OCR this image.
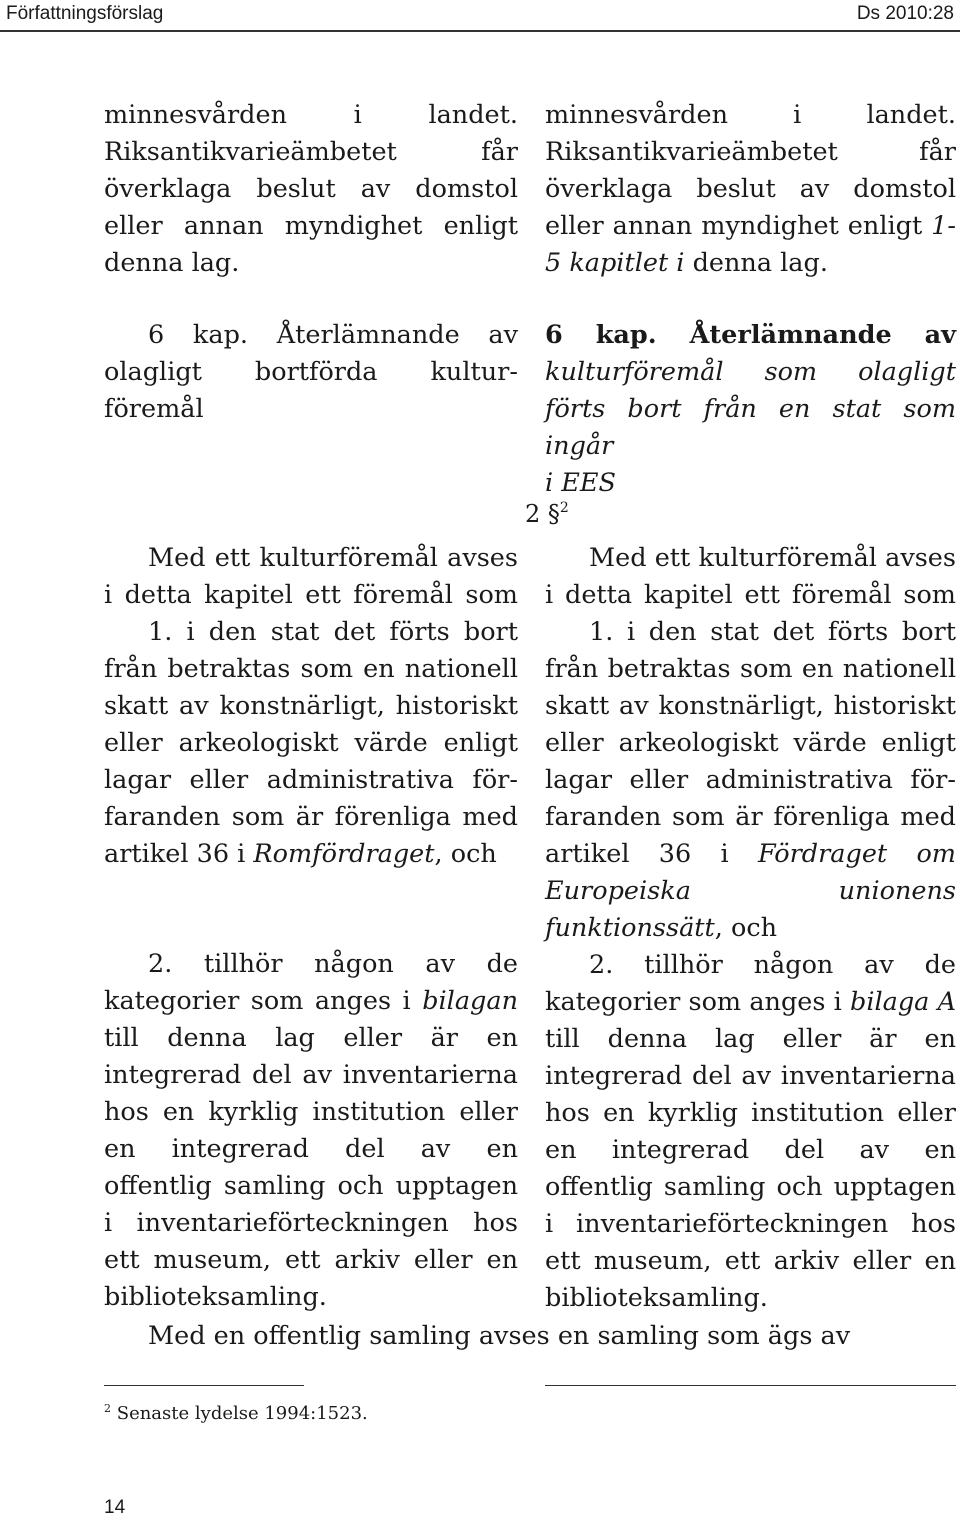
Författningsförslag	Ds 2010:28
minnesvården i landet.
Riksantikvarieämbetet får
överklaga beslut av domstol
eller annan myndighet enligt
denna lag.
6 kap. Återlämnande av
olagligt bortförda kultur-
föremål
Med ett kulturföremål avses
i detta kapitel ett föremål som
1. i den stat det förts bort
från betraktas som en nationell
skatt av konstnärligt, historiskt
eller arkeologiskt värde enligt
lagar eller administrativa för-
faranden som är förenliga med
artikel 36 i Romfördraget, och
2. tillhör någon av de
kategorier som anges i bilagan
till denna lag eller är en
integrerad del av inventarierna
hos en kyrklig institution eller
en integrerad del av en
offentlig samling och upptagen
i inventarieförteckningen hos
ett museum, ett arkiv eller en
biblioteksamling.
minnesvården i landet.
Riksantikvarieämbetet får
överklaga beslut av domstol
eller annan myndighet enligt 1-
5 kapitlet i denna lag.
6 kap. Återlämnande av
kulturföremål som olagligt
förts bort från en stat som ingår
i EES
2 §$^2$
Med ett kulturföremål avses
i detta kapitel ett föremål som
1. i den stat det förts bort
från betraktas som en nationell
skatt av konstnärligt, historiskt
eller arkeologiskt värde enligt
lagar eller administrativa för-
faranden som är förenliga med
artikel 36 i Fördraget om
Europeiska unionens
funktionssätt, och
2. tillhör någon av de
kategorier som anges i bilaga A
till denna lag eller är en
integrerad del av inventarierna
hos en kyrklig institution eller
en integrerad del av en
offentlig samling och upptagen
i inventarieförteckningen hos
ett museum, ett arkiv eller en
biblioteksamling.
Med en offentlig samling avses en samling som ägs av
$^2$ Senaste lydelse 1994:1523.
14
